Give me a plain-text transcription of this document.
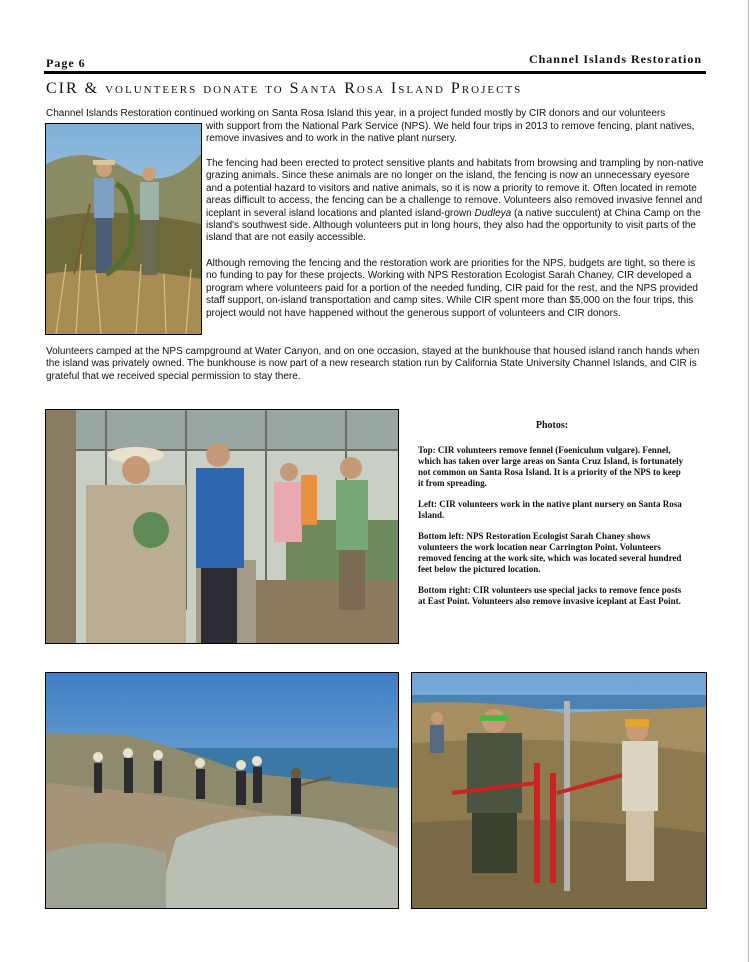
Page 6	Channel Islands Restoration
CIR & volunteers donate to Santa Rosa Island Projects
Channel Islands Restoration continued working on Santa Rosa Island this year, in a project funded mostly by CIR donors and our volunteers
with support from the National Park Service (NPS). We held four trips in 2013 to remove fencing, plant natives, remove invasives and to work in the native plant nursery.
The fencing had been erected to protect sensitive plants and habitats from browsing and trampling by non-native grazing animals. Since these animals are no longer on the island, the fencing is now an unnecessary eyesore and a potential hazard to visitors and native animals, so it is now a priority to remove it. Often located in remote areas difficult to access, the fencing can be a challenge to remove. Volunteers also removed invasive fennel and iceplant in several island locations and planted island-grown Dudleya (a native succulent) at China Camp on the island's southwest side. Although volunteers put in long hours, they also had the opportunity to visit parts of the island that are not easily accessible.
Although removing the fencing and the restoration work are priorities for the NPS, budgets are tight, so there is no funding to pay for these projects. Working with NPS Restoration Ecologist Sarah Chaney, CIR developed a program where volunteers paid for a portion of the needed funding, CIR paid for the rest, and the NPS provided staff support, on-island transportation and camp sites. While CIR spent more than $5,000 on the four trips, this project would not have happened without the generous support of volunteers and CIR donors.
Volunteers camped at the NPS campground at Water Canyon, and on one occasion, stayed at the bunkhouse that housed island ranch hands when the island was privately owned. The bunkhouse is now part of a new research station run by California State University Channel Islands, and CIR is grateful that we received special permission to stay there.
Photos:

Top: CIR volunteers remove fennel (Foeniculum vulgare). Fennel, which has taken over large areas on Santa Cruz Island, is fortunately not common on Santa Rosa Island. It is a priority of the NPS to keep it from spreading.

Left: CIR volunteers work in the native plant nursery on Santa Rosa Island.

Bottom left: NPS Restoration Ecologist Sarah Chaney shows volunteers the work location near Carrington Point. Volunteers removed fencing at the work site, which was located several hundred feet below the pictured location.

Bottom right: CIR volunteers use special jacks to remove fence posts at East Point. Volunteers also remove invasive iceplant at East Point.
